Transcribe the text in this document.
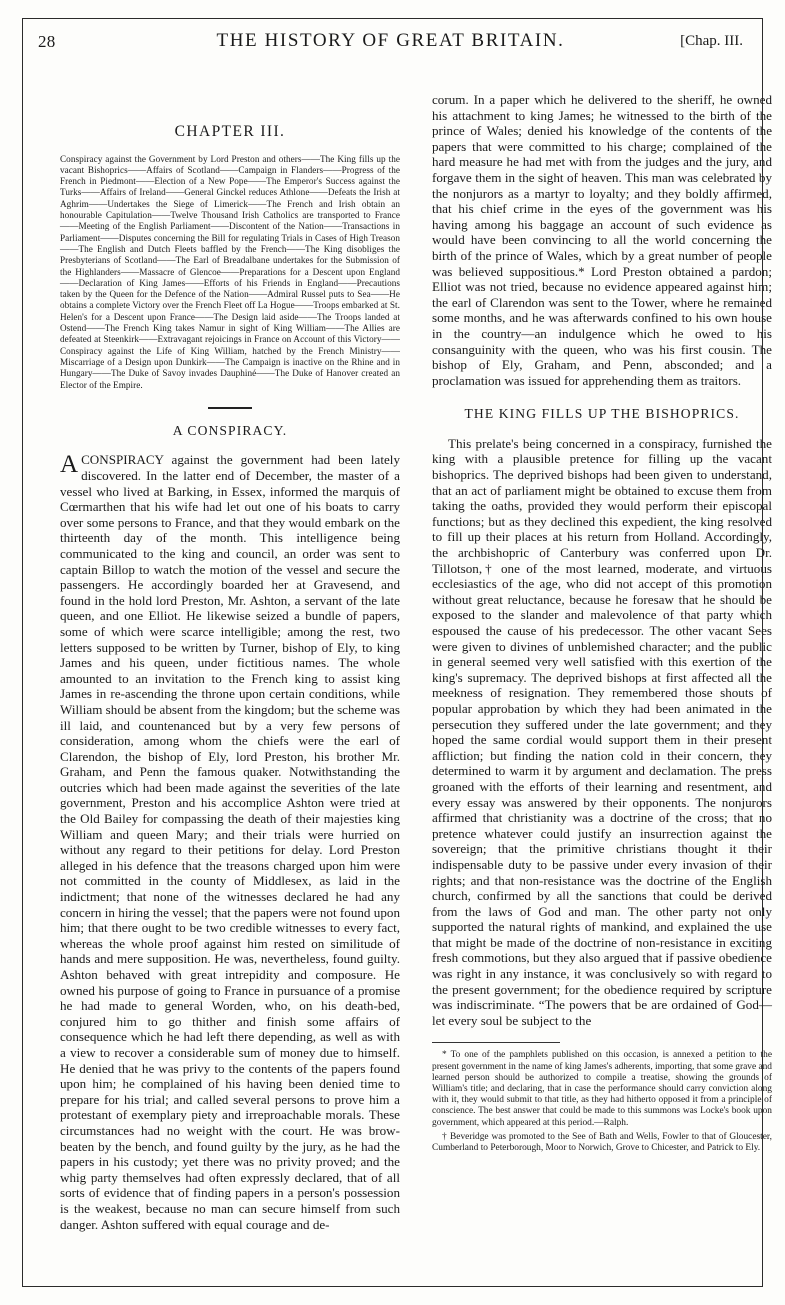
28	THE HISTORY OF GREAT BRITAIN.	[Chap. III.
CHAPTER III.

Conspiracy against the Government by Lord Preston and others——The King fills up the vacant Bishoprics——Affairs of Scotland——Campaign in Flanders——Progress of the French in Piedmont——Election of a New Pope——The Emperor's Success against the Turks——Affairs of Ireland——General Ginckel reduces Athlone——Defeats the Irish at Aghrim——Undertakes the Siege of Limerick——The French and Irish obtain an honourable Capitulation——Twelve Thousand Irish Catholics are transported to France——Meeting of the English Parliament——Discontent of the Nation——Transactions in Parliament——Disputes concerning the Bill for regulating Trials in Cases of High Treason——The English and Dutch Fleets baffled by the French——The King disobliges the Presbyterians of Scotland——The Earl of Breadalbane undertakes for the Submission of the Highlanders——Massacre of Glencoe——Preparations for a Descent upon England——Declaration of King James——Efforts of his Friends in England——Precautions taken by the Queen for the Defence of the Nation——Admiral Russel puts to Sea——He obtains a complete Victory over the French Fleet off La Hogue——Troops embarked at St. Helen's for a Descent upon France——The Design laid aside——The Troops landed at Ostend——The French King takes Namur in sight of King William——The Allies are defeated at Steenkirk——Extravagant rejoicings in France on Account of this Victory——Conspiracy against the Life of King William, hatched by the French Ministry——Miscarriage of a Design upon Dunkirk——The Campaign is inactive on the Rhine and in Hungary——The Duke of Savoy invades Dauphiné——The Duke of Hanover created an Elector of the Empire.

A CONSPIRACY.

ACONSPIRACY against the government had been lately discovered. In the latter end of December, the master of a vessel who lived at Barking, in Essex, informed the marquis of Cœrmarthen that his wife had let out one of his boats to carry over some persons to France, and that they would embark on the thirteenth day of the month. This intelligence being communicated to the king and council, an order was sent to captain Billop to watch the motion of the vessel and secure the passengers. He accordingly boarded her at Gravesend, and found in the hold lord Preston, Mr. Ashton, a servant of the late queen, and one Elliot. He likewise seized a bundle of papers, some of which were scarce intelligible; among the rest, two letters supposed to be written by Turner, bishop of Ely, to king James and his queen, under fictitious names. The whole amounted to an invitation to the French king to assist king James in re-ascending the throne upon certain conditions, while William should be absent from the kingdom; but the scheme was ill laid, and countenanced but by a very few persons of consideration, among whom the chiefs were the earl of Clarendon, the bishop of Ely, lord Preston, his brother Mr. Graham, and Penn the famous quaker. Notwithstanding the outcries which had been made against the severities of the late government, Preston and his accomplice Ashton were tried at the Old Bailey for compassing the death of their majesties king William and queen Mary; and their trials were hurried on without any regard to their petitions for delay. Lord Preston alleged in his defence that the treasons charged upon him were not committed in the county of Middlesex, as laid in the indictment; that none of the witnesses declared he had any concern in hiring the vessel; that the papers were not found upon him; that there ought to be two credible witnesses to every fact, whereas the whole proof against him rested on similitude of hands and mere supposition. He was, nevertheless, found guilty. Ashton behaved with great intrepidity and composure. He owned his purpose of going to France in pursuance of a promise he had made to general Worden, who, on his death-bed, conjured him to go thither and finish some affairs of consequence which he had left there depending, as well as with a view to recover a considerable sum of money due to himself. He denied that he was privy to the contents of the papers found upon him; he complained of his having been denied time to prepare for his trial; and called several persons to prove him a protestant of exemplary piety and irreproachable morals. These circumstances had no weight with the court. He was brow-beaten by the bench, and found guilty by the jury, as he had the papers in his custody; yet there was no privity proved; and the whig party themselves had often expressly declared, that of all sorts of evidence that of finding papers in a person's possession is the weakest, because no man can secure himself from such danger. Ashton suffered with equal courage and de-

corum. In a paper which he delivered to the sheriff, he owned his attachment to king James; he witnessed to the birth of the prince of Wales; denied his knowledge of the contents of the papers that were committed to his charge; complained of the hard measure he had met with from the judges and the jury, and forgave them in the sight of heaven. This man was celebrated by the nonjurors as a martyr to loyalty; and they boldly affirmed, that his chief crime in the eyes of the government was his having among his baggage an account of such evidence as would have been convincing to all the world concerning the birth of the prince of Wales, which by a great number of people was believed suppositious.* Lord Preston obtained a pardon; Elliot was not tried, because no evidence appeared against him; the earl of Clarendon was sent to the Tower, where he remained some months, and he was afterwards confined to his own house in the country—an indulgence which he owed to his consanguinity with the queen, who was his first cousin. The bishop of Ely, Graham, and Penn, absconded; and a proclamation was issued for apprehending them as traitors.

THE KING FILLS UP THE BISHOPRICS.

This prelate's being concerned in a conspiracy, furnished the king with a plausible pretence for filling up the vacant bishoprics. The deprived bishops had been given to understand, that an act of parliament might be obtained to excuse them from taking the oaths, provided they would perform their episcopal functions; but as they declined this expedient, the king resolved to fill up their places at his return from Holland. Accordingly, the archbishopric of Canterbury was conferred upon Dr. Tillotson,† one of the most learned, moderate, and virtuous ecclesiastics of the age, who did not accept of this promotion without great reluctance, because he foresaw that he should be exposed to the slander and malevolence of that party which espoused the cause of his predecessor. The other vacant Sees were given to divines of unblemished character; and the public in general seemed very well satisfied with this exertion of the king's supremacy. The deprived bishops at first affected all the meekness of resignation. They remembered those shouts of popular approbation by which they had been animated in the persecution they suffered under the late government; and they hoped the same cordial would support them in their present affliction; but finding the nation cold in their concern, they determined to warm it by argument and declamation. The press groaned with the efforts of their learning and resentment, and every essay was answered by their opponents. The nonjurors affirmed that christianity was a doctrine of the cross; that no pretence whatever could justify an insurrection against the sovereign; that the primitive christians thought it their indispensable duty to be passive under every invasion of their rights; and that non-resistance was the doctrine of the English church, confirmed by all the sanctions that could be derived from the laws of God and man. The other party not only supported the natural rights of mankind, and explained the use that might be made of the doctrine of non-resistance in exciting fresh commotions, but they also argued that if passive obedience was right in any instance, it was conclusively so with regard to the present government; for the obedience required by scripture was indiscriminate. “The powers that be are ordained of God—let every soul be subject to the

* To one of the pamphlets published on this occasion, is annexed a petition to the present government in the name of king James's adherents, importing, that some grave and learned person should be authorized to compile a treatise, showing the grounds of William's title; and declaring, that in case the performance should carry conviction along with it, they would submit to that title, as they had hitherto opposed it from a principle of conscience. The best answer that could be made to this summons was Locke's book upon government, which appeared at this period.—Ralph.

† Beveridge was promoted to the See of Bath and Wells, Fowler to that of Gloucester, Cumberland to Peterborough, Moor to Norwich, Grove to Chicester, and Patrick to Ely.
